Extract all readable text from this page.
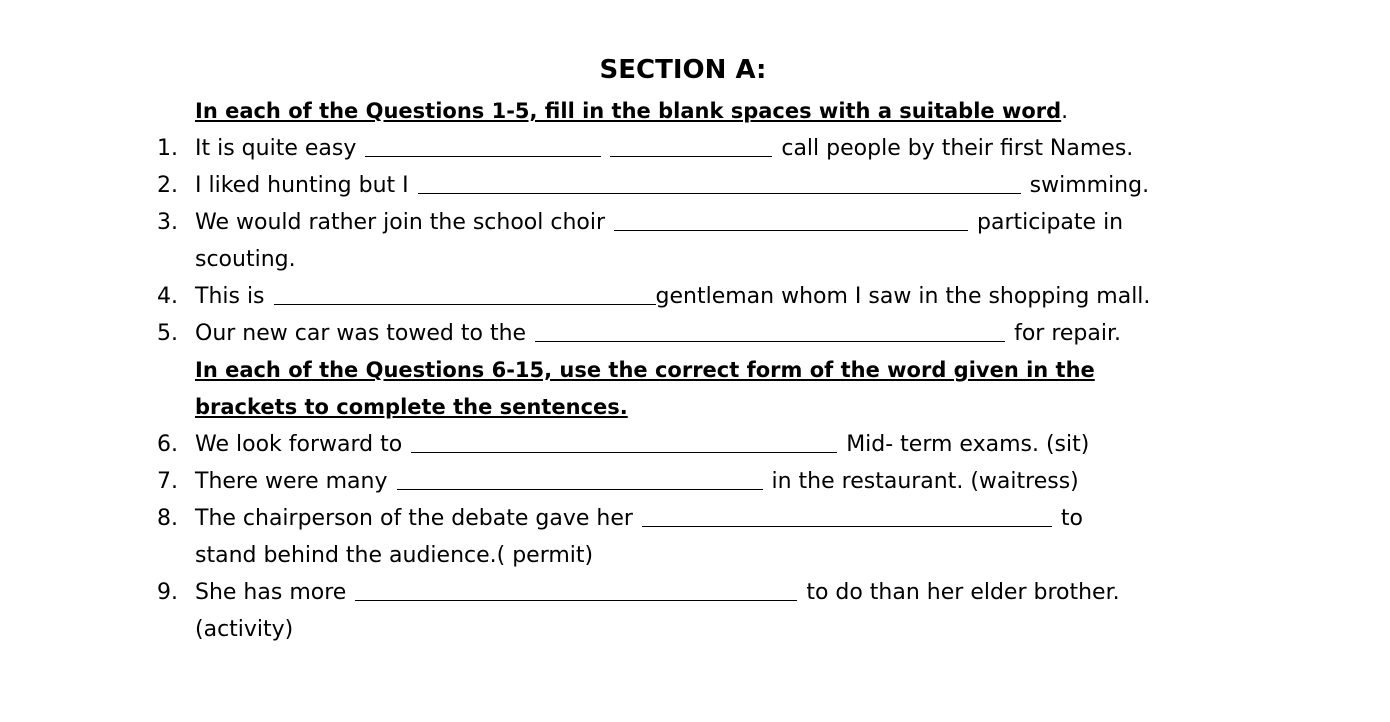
SECTION A:
In each of the Questions 1-5, fill in the blank spaces with a suitable word.
1. It is quite easy	call people by their first Names.
2. I liked hunting but I	swimming.
3. We would rather join the school choir	participate in
scouting.
4. This is	gentleman whom I saw in the shopping mall.
5. Our new car was towed to the	for repair.
In each of the Questions 6-15, use the correct form of the word given in the
brackets to complete the sentences.
6. We look forward to	Mid- term exams. (sit)
7. There were many	in the restaurant. (waitress)
8. The chairperson of the debate gave her	to
stand behind the audience.( permit)
9. She has more	to do than her elder brother.
(activity)
